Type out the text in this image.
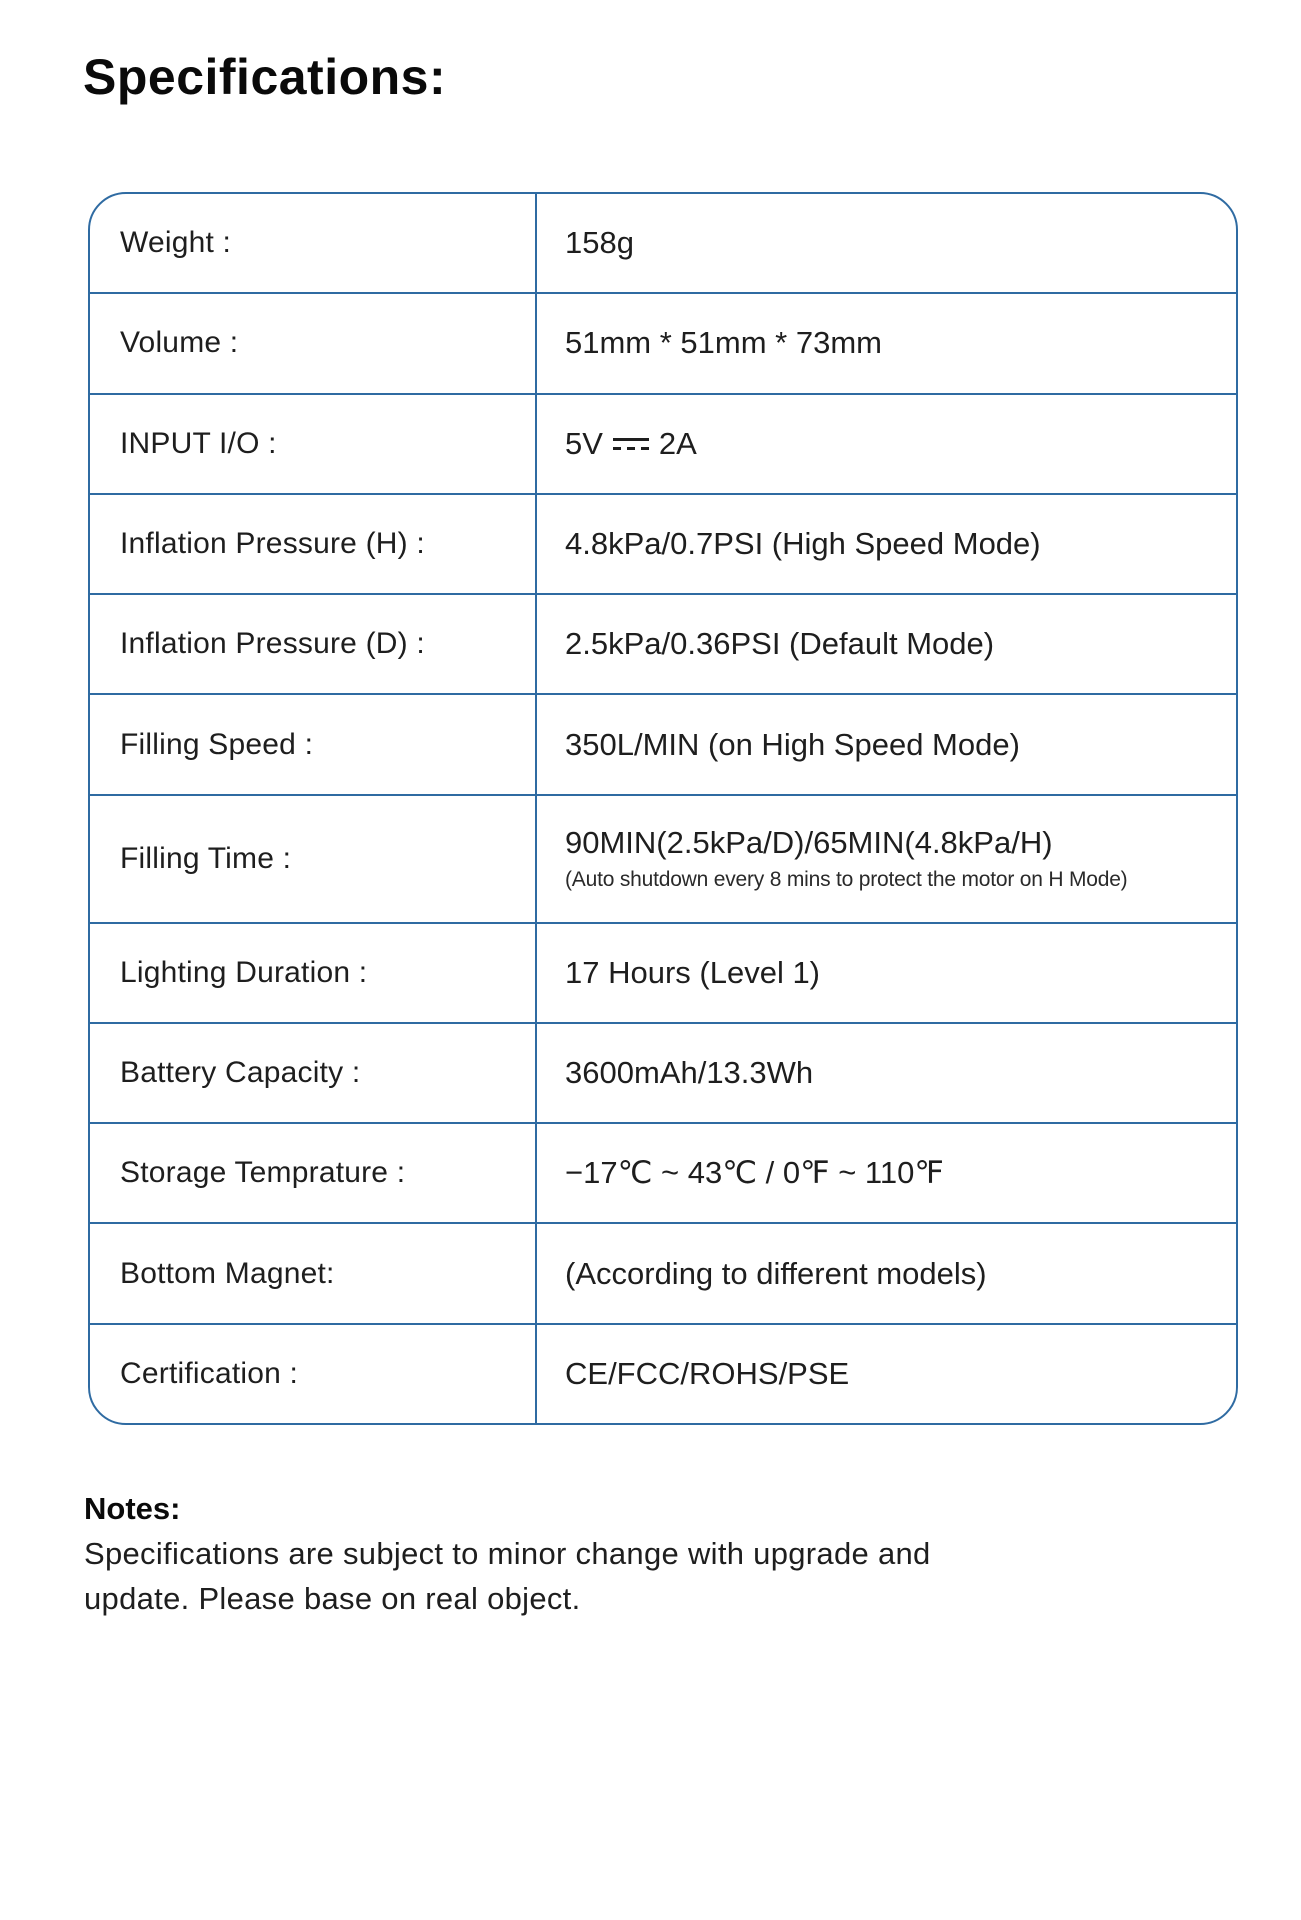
Specifications:
Weight :	158g
Volume :	51mm * 51mm * 73mm
INPUT I/O :	5V 2A
Inflation Pressure (H) :	4.8kPa/0.7PSI (High Speed Mode)
Inflation Pressure (D) :	2.5kPa/0.36PSI (Default Mode)
Filling Speed :	350L/MIN (on High Speed Mode)
Filling Time :	90MIN(2.5kPa/D)/65MIN(4.8kPa/H)
(Auto shutdown every 8 mins to protect the motor on H Mode)
Lighting Duration :	17 Hours (Level 1)
Battery Capacity :	3600mAh/13.3Wh
Storage Temprature :	−17℃ ~ 43℃ / 0℉ ~ 110℉
Bottom Magnet:	(According to different models)
Certification :	CE/FCC/ROHS/PSE
Notes:
Specifications are subject to minor change with upgrade and
update. Please base on real object.
